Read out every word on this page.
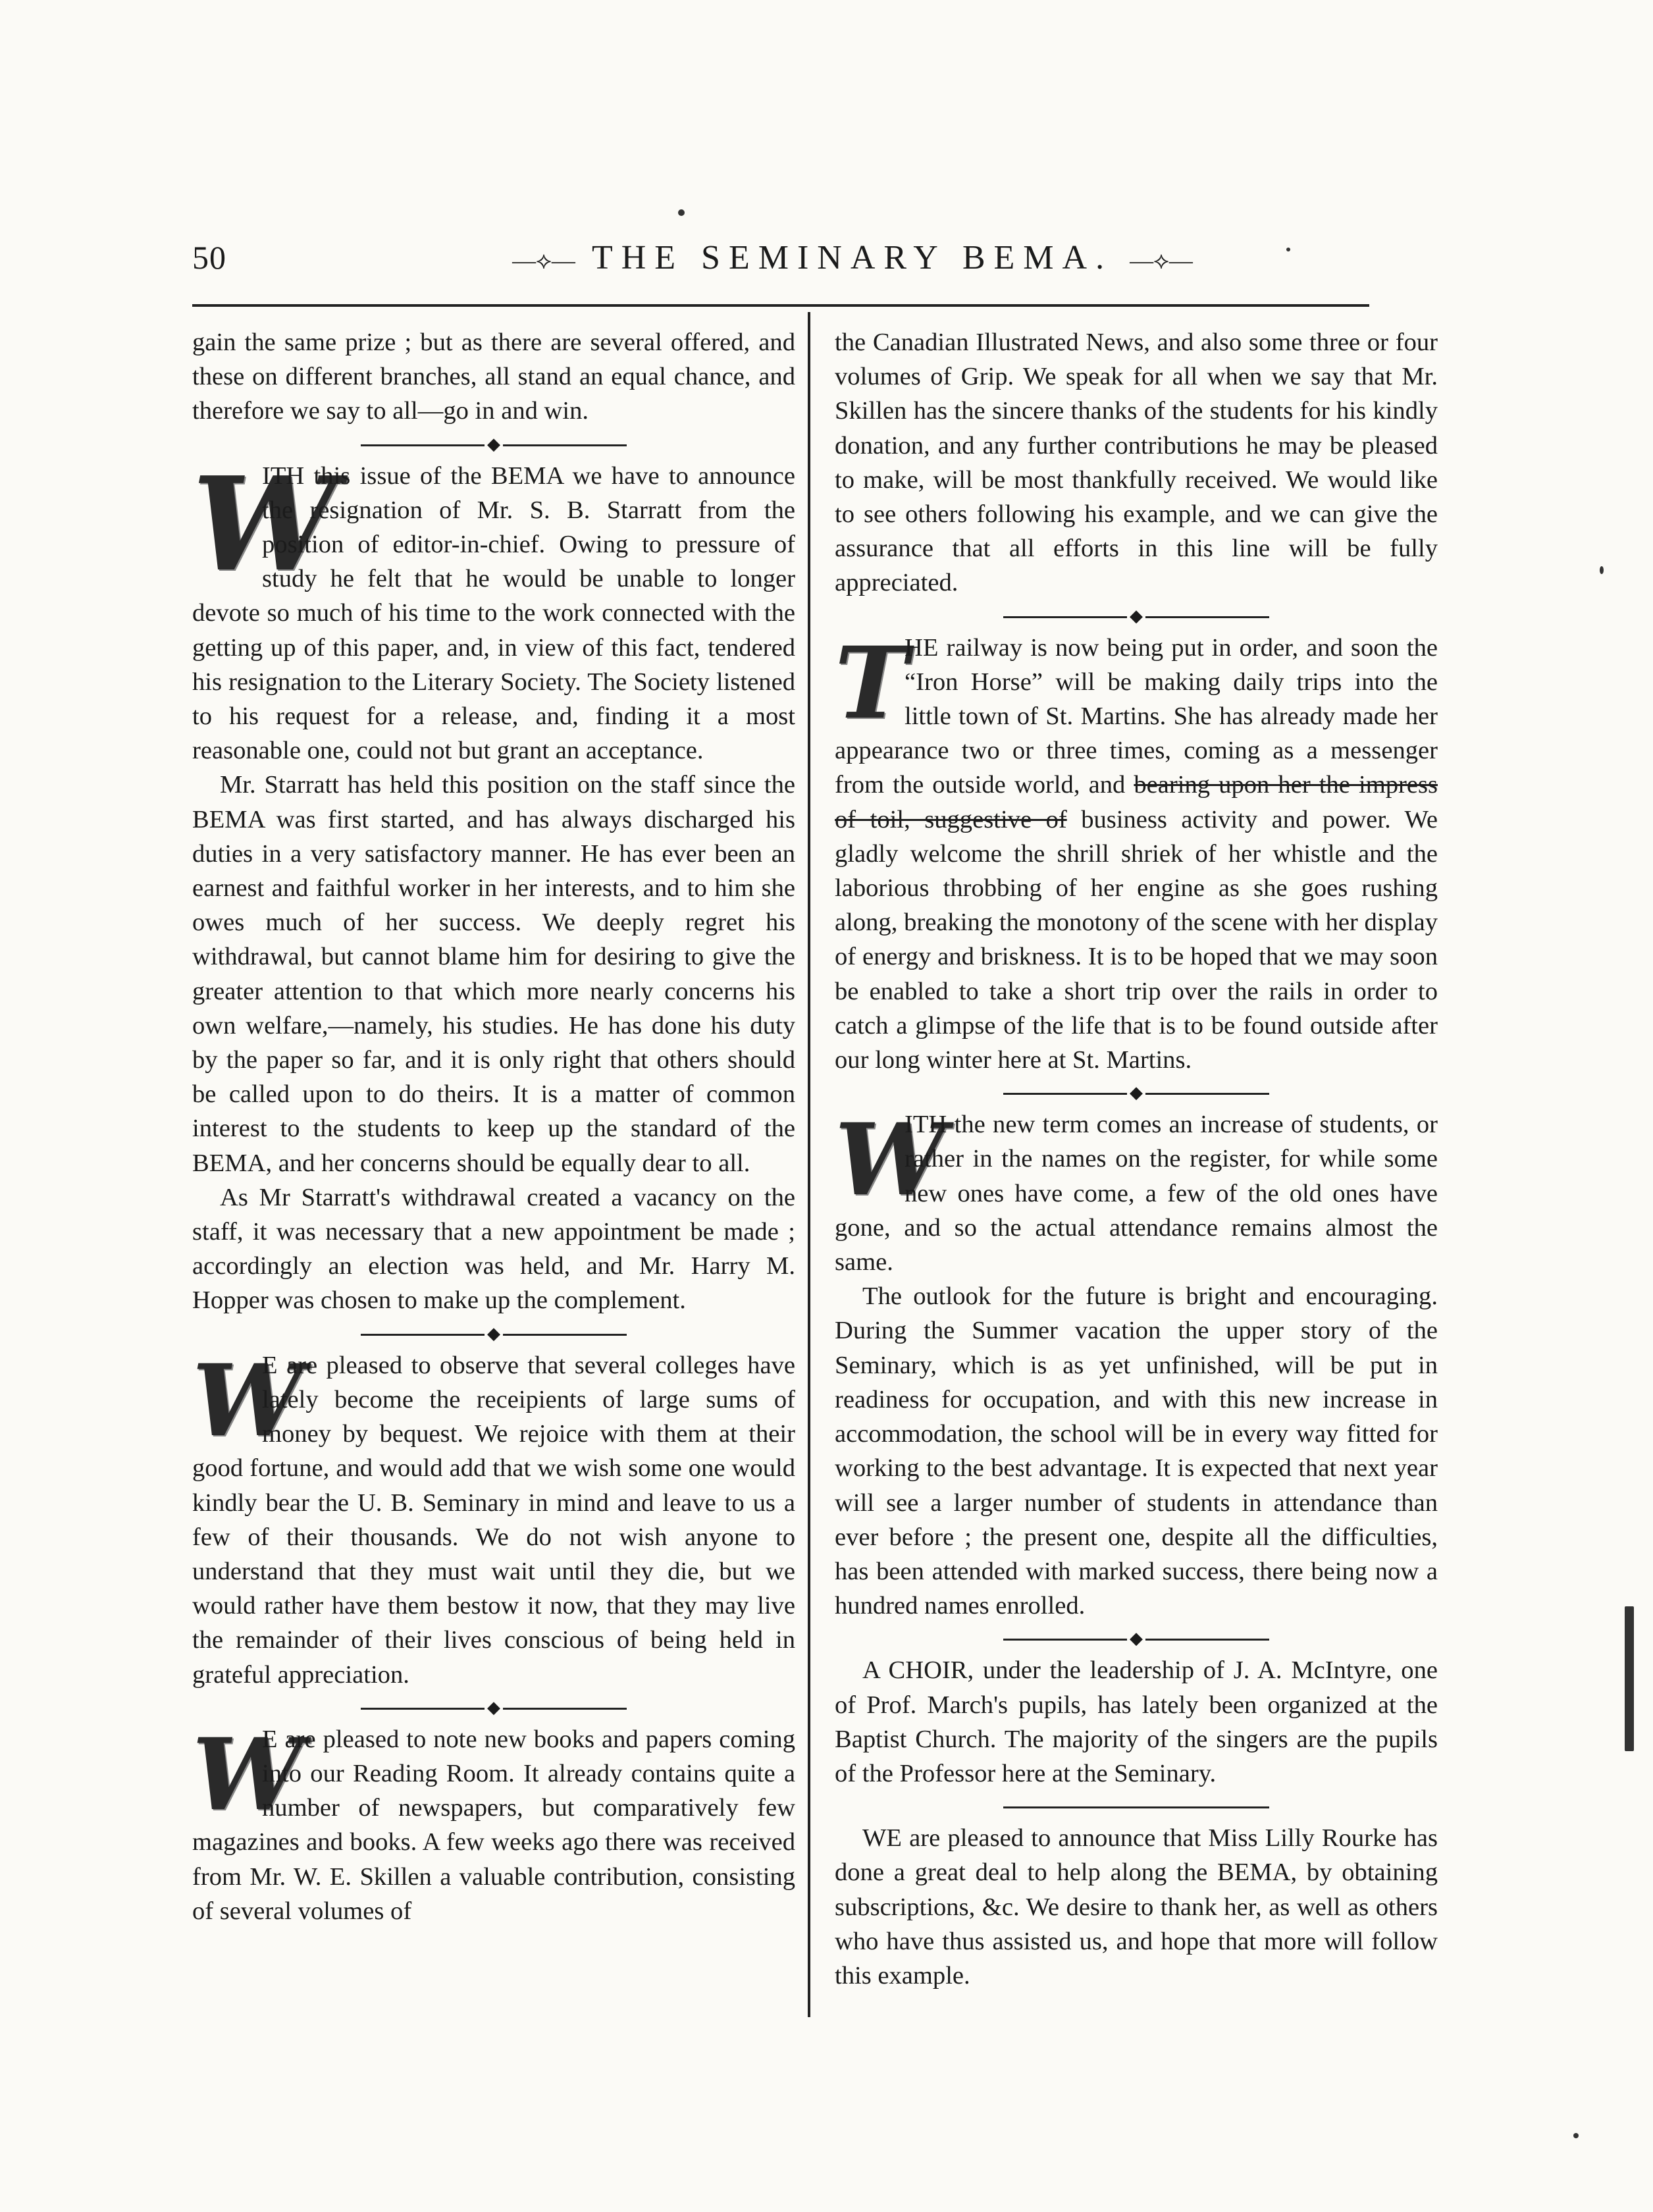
50	—⟡— THE SEMINARY BEMA. —⟡—

gain the same prize ; but as there are several offered, and these on different branches, all stand an equal chance, and therefore we say to all—go in and win.

◆
W

ITH this issue of the BEMA we have to announce the resignation of Mr. S. B. Starratt from the position of editor-in-chief. Owing to pressure of study he felt that he would be unable to longer devote so much of his time to the work connected with the getting up of this paper, and, in view of this fact, tendered his resignation to the Literary Society. The Society listened to his request for a release, and, finding it a most reasonable one, could not but grant an acceptance.

Mr. Starratt has held this position on the staff since the BEMA was first started, and has always discharged his duties in a very satisfactory manner. He has ever been an earnest and faithful worker in her interests, and to him she owes much of her success. We deeply regret his withdrawal, but cannot blame him for desiring to give the greater attention to that which more nearly concerns his own welfare,—namely, his studies. He has done his duty by the paper so far, and it is only right that others should be called upon to do theirs. It is a matter of common interest to the students to keep up the standard of the BEMA, and her concerns should be equally dear to all.

As Mr Starratt's withdrawal created a vacancy on the staff, it was necessary that a new appointment be made ; accordingly an election was held, and Mr. Harry M. Hopper was chosen to make up the complement.

◆
W

E are pleased to observe that several colleges have lately become the receipients of large sums of money by bequest. We rejoice with them at their good fortune, and would add that we wish some one would kindly bear the U. B. Seminary in mind and leave to us a few of their thousands. We do not wish anyone to understand that they must wait until they die, but we would rather have them bestow it now, that they may live the remainder of their lives conscious of being held in grateful appreciation.

◆
W

E are pleased to note new books and papers coming into our Reading Room. It already contains quite a number of newspapers, but comparatively few magazines and books. A few weeks ago there was received from Mr. W. E. Skillen a valuable contribution, consisting of several volumes of

the Canadian Illustrated News, and also some three or four volumes of Grip. We speak for all when we say that Mr. Skillen has the sincere thanks of the students for his kindly donation, and any further contributions he may be pleased to make, will be most thankfully received. We would like to see others following his example, and we can give the assurance that all efforts in this line will be fully appreciated.

◆
T

HE railway is now being put in order, and soon the “Iron Horse” will be making daily trips into the little town of St. Martins. She has already made her appearance two or three times, coming as a messenger from the outside world, and bearing upon her the impress of toil, suggestive of business activity and power. We gladly welcome the shrill shriek of her whistle and the laborious throbbing of her engine as she goes rushing along, breaking the monotony of the scene with her display of energy and briskness. It is to be hoped that we may soon be enabled to take a short trip over the rails in order to catch a glimpse of the life that is to be found outside after our long winter here at St. Martins.

◆
W

ITH the new term comes an increase of students, or rather in the names on the register, for while some new ones have come, a few of the old ones have gone, and so the actual attendance remains almost the same.

The outlook for the future is bright and encouraging. During the Summer vacation the upper story of the Seminary, which is as yet unfinished, will be put in readiness for occupation, and with this new increase in accommodation, the school will be in every way fitted for working to the best advantage. It is expected that next year will see a larger number of students in attendance than ever before ; the present one, despite all the difficulties, has been attended with marked success, there being now a hundred names enrolled.

◆

A CHOIR, under the leadership of J. A. McIntyre, one of Prof. March's pupils, has lately been organized at the Baptist Church. The majority of the singers are the pupils of the Professor here at the Seminary.

WE are pleased to announce that Miss Lilly Rourke has done a great deal to help along the BEMA, by obtaining subscriptions, &c. We desire to thank her, as well as others who have thus assisted us, and hope that more will follow this example.
